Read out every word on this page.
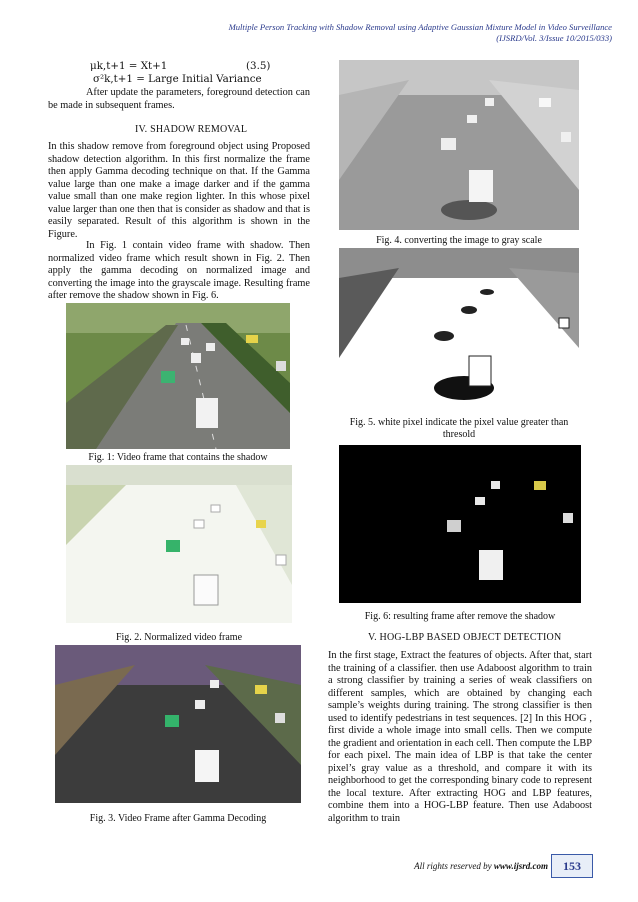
Multiple Person Tracking with Shadow Removal using Adaptive Gaussian Mixture Model in Video Surveillance
(IJSRD/Vol. 3/Issue 10/2015/033)
μk,t+1 = Xt+1	(3.5)
σ²k,t+1 = Large Initial Variance
After update the parameters, foreground detection can be made in subsequent frames.
IV. SHADOW REMOVAL
In this shadow remove from foreground object using Proposed shadow detection algorithm. In this first normalize the frame then apply Gamma decoding technique on that. If the Gamma value large than one make a image darker and if the gamma value small than one make region lighter. In this whose pixel value larger than one then that is consider as shadow and that is easily separated. Result of this algorithm is shown in the Figure.
In Fig. 1 contain video frame with shadow. Then normalized video frame which result shown in Fig. 2. Then apply the gamma decoding on normalized image and converting the image into the grayscale image. Resulting frame after remove the shadow shown in Fig. 6.
Fig. 1: Video frame that contains the shadow
Fig. 2. Normalized video frame
Fig. 3. Video Frame after Gamma Decoding
Fig. 4. converting the image to gray scale
Fig. 5. white pixel indicate the pixel value greater than thresold
Fig. 6: resulting frame after remove the shadow
V. HOG-LBP BASED OBJECT DETECTION
In the first stage, Extract the features of objects. After that, start the training of a classifier. then use Adaboost algorithm to train a strong classifier by training a series of weak classifiers on different samples, which are obtained by changing each sample’s weights during training. The strong classifier is then used to identify pedestrians in test sequences. [2] In this HOG , first divide a whole image into small cells. Then we compute the gradient and orientation in each cell. Then compute the LBP for each pixel. The main idea of LBP is that take the center pixel’s gray value as a threshold, and compare it with its neighborhood to get the corresponding binary code to represent the local texture. After extracting HOG and LBP features, combine them into a HOG-LBP feature. Then use Adaboost algorithm to train
All rights reserved by www.ijsrd.com	153
